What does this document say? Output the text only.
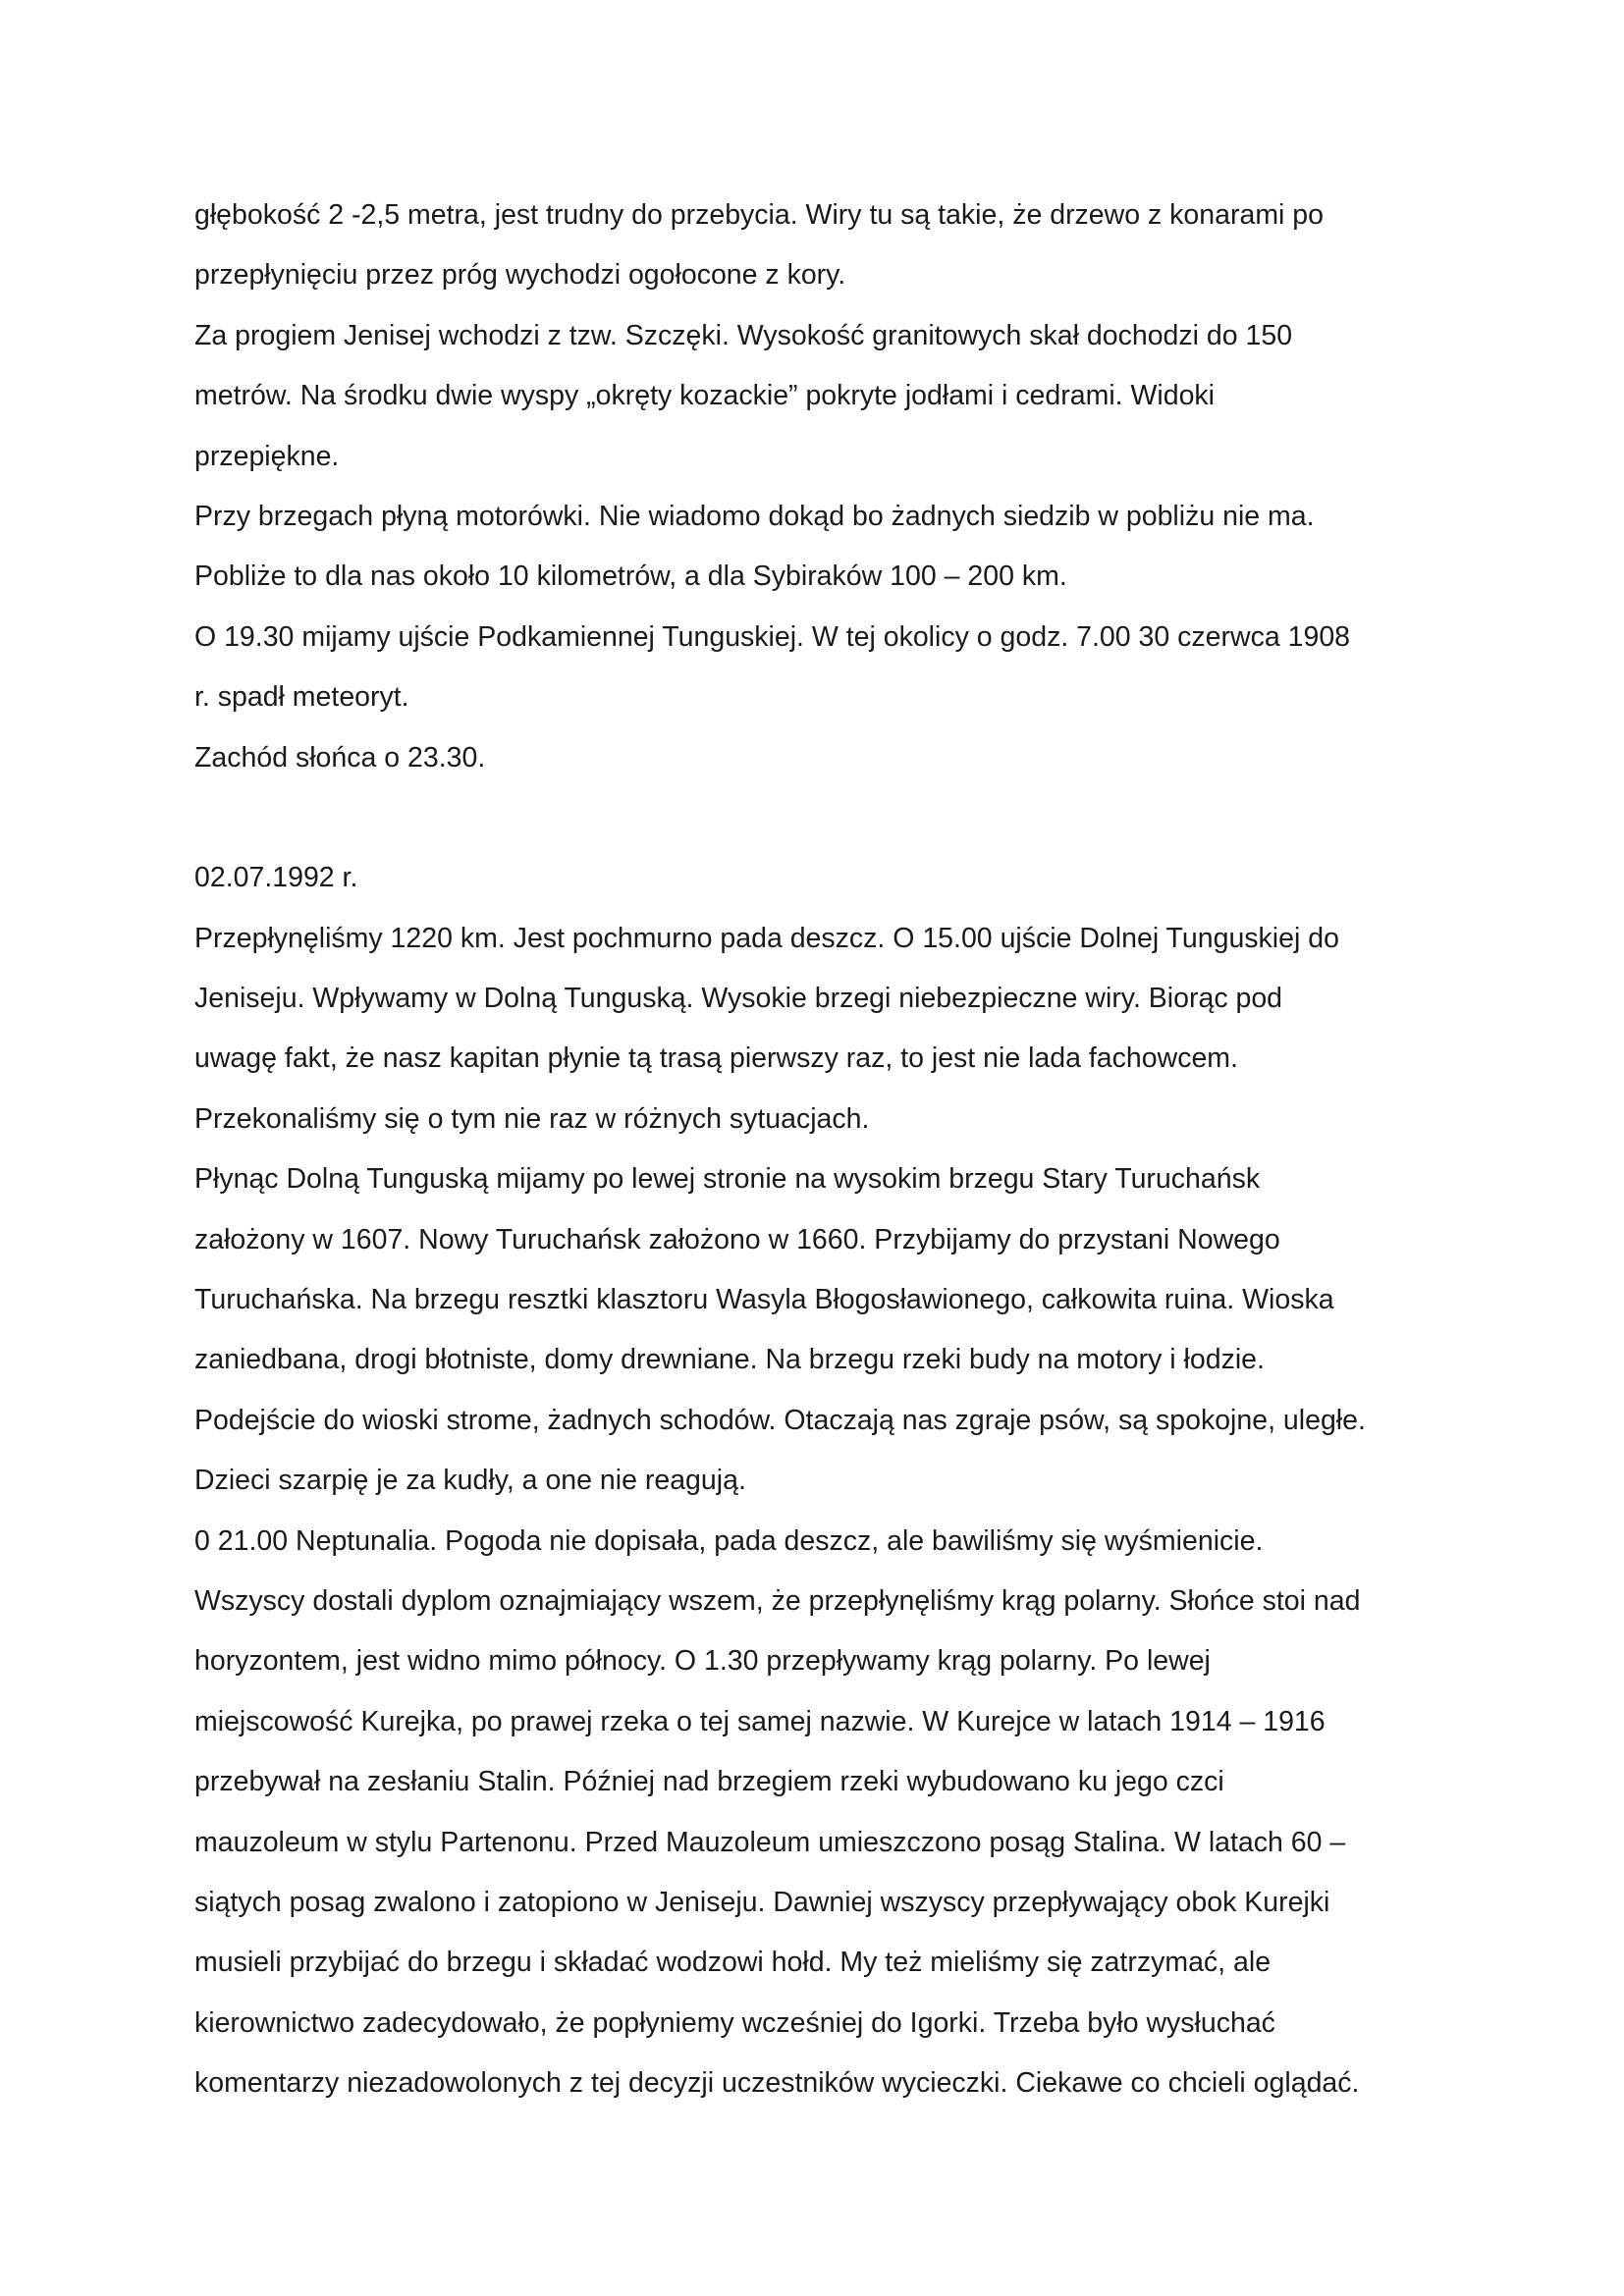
głębokość 2 -2,5 metra, jest trudny do przebycia. Wiry tu są takie, że drzewo z konarami po
przepłynięciu przez próg wychodzi ogołocone z kory.
Za progiem Jenisej wchodzi z tzw. Szczęki. Wysokość granitowych skał dochodzi do 150
metrów. Na środku dwie wyspy „okręty kozackie” pokryte jodłami i cedrami. Widoki
przepiękne.
Przy brzegach płyną motorówki. Nie wiadomo dokąd bo żadnych siedzib w pobliżu nie ma.
Pobliże to dla nas około 10 kilometrów, a dla Sybiraków 100 – 200 km.
O 19.30 mijamy ujście Podkamiennej Tunguskiej. W tej okolicy o godz. 7.00 30 czerwca 1908
r. spadł meteoryt.
Zachód słońca o 23.30.
02.07.1992 r.
Przepłynęliśmy 1220 km. Jest pochmurno pada deszcz. O 15.00 ujście Dolnej Tunguskiej do
Jeniseju. Wpływamy w Dolną Tunguską. Wysokie brzegi niebezpieczne wiry. Biorąc pod
uwagę fakt, że nasz kapitan płynie tą trasą pierwszy raz, to jest nie lada fachowcem.
Przekonaliśmy się o tym nie raz w różnych sytuacjach.
Płynąc Dolną Tunguską mijamy po lewej stronie na wysokim brzegu Stary Turuchańsk
założony w 1607. Nowy Turuchańsk założono w 1660. Przybijamy do przystani Nowego
Turuchańska. Na brzegu resztki klasztoru Wasyla Błogosławionego, całkowita ruina. Wioska
zaniedbana, drogi błotniste, domy drewniane. Na brzegu rzeki budy na motory i łodzie.
Podejście do wioski strome, żadnych schodów. Otaczają nas zgraje psów, są spokojne, uległe.
Dzieci szarpię je za kudły, a one nie reagują.
0 21.00 Neptunalia. Pogoda nie dopisała, pada deszcz, ale bawiliśmy się wyśmienicie.
Wszyscy dostali dyplom oznajmiający wszem, że przepłynęliśmy krąg polarny. Słońce stoi nad
horyzontem, jest widno mimo północy. O 1.30 przepływamy krąg polarny. Po lewej
miejscowość Kurejka, po prawej rzeka o tej samej nazwie. W Kurejce w latach 1914 – 1916
przebywał na zesłaniu Stalin. Później nad brzegiem rzeki wybudowano ku jego czci
mauzoleum w stylu Partenonu. Przed Mauzoleum umieszczono posąg Stalina. W latach 60 –
siątych posag zwalono i zatopiono w Jeniseju. Dawniej wszyscy przepływający obok Kurejki
musieli przybijać do brzegu i składać wodzowi hołd. My też mieliśmy się zatrzymać, ale
kierownictwo zadecydowało, że popłyniemy wcześniej do Igorki. Trzeba było wysłuchać
komentarzy niezadowolonych z tej decyzji uczestników wycieczki. Ciekawe co chcieli oglądać.
